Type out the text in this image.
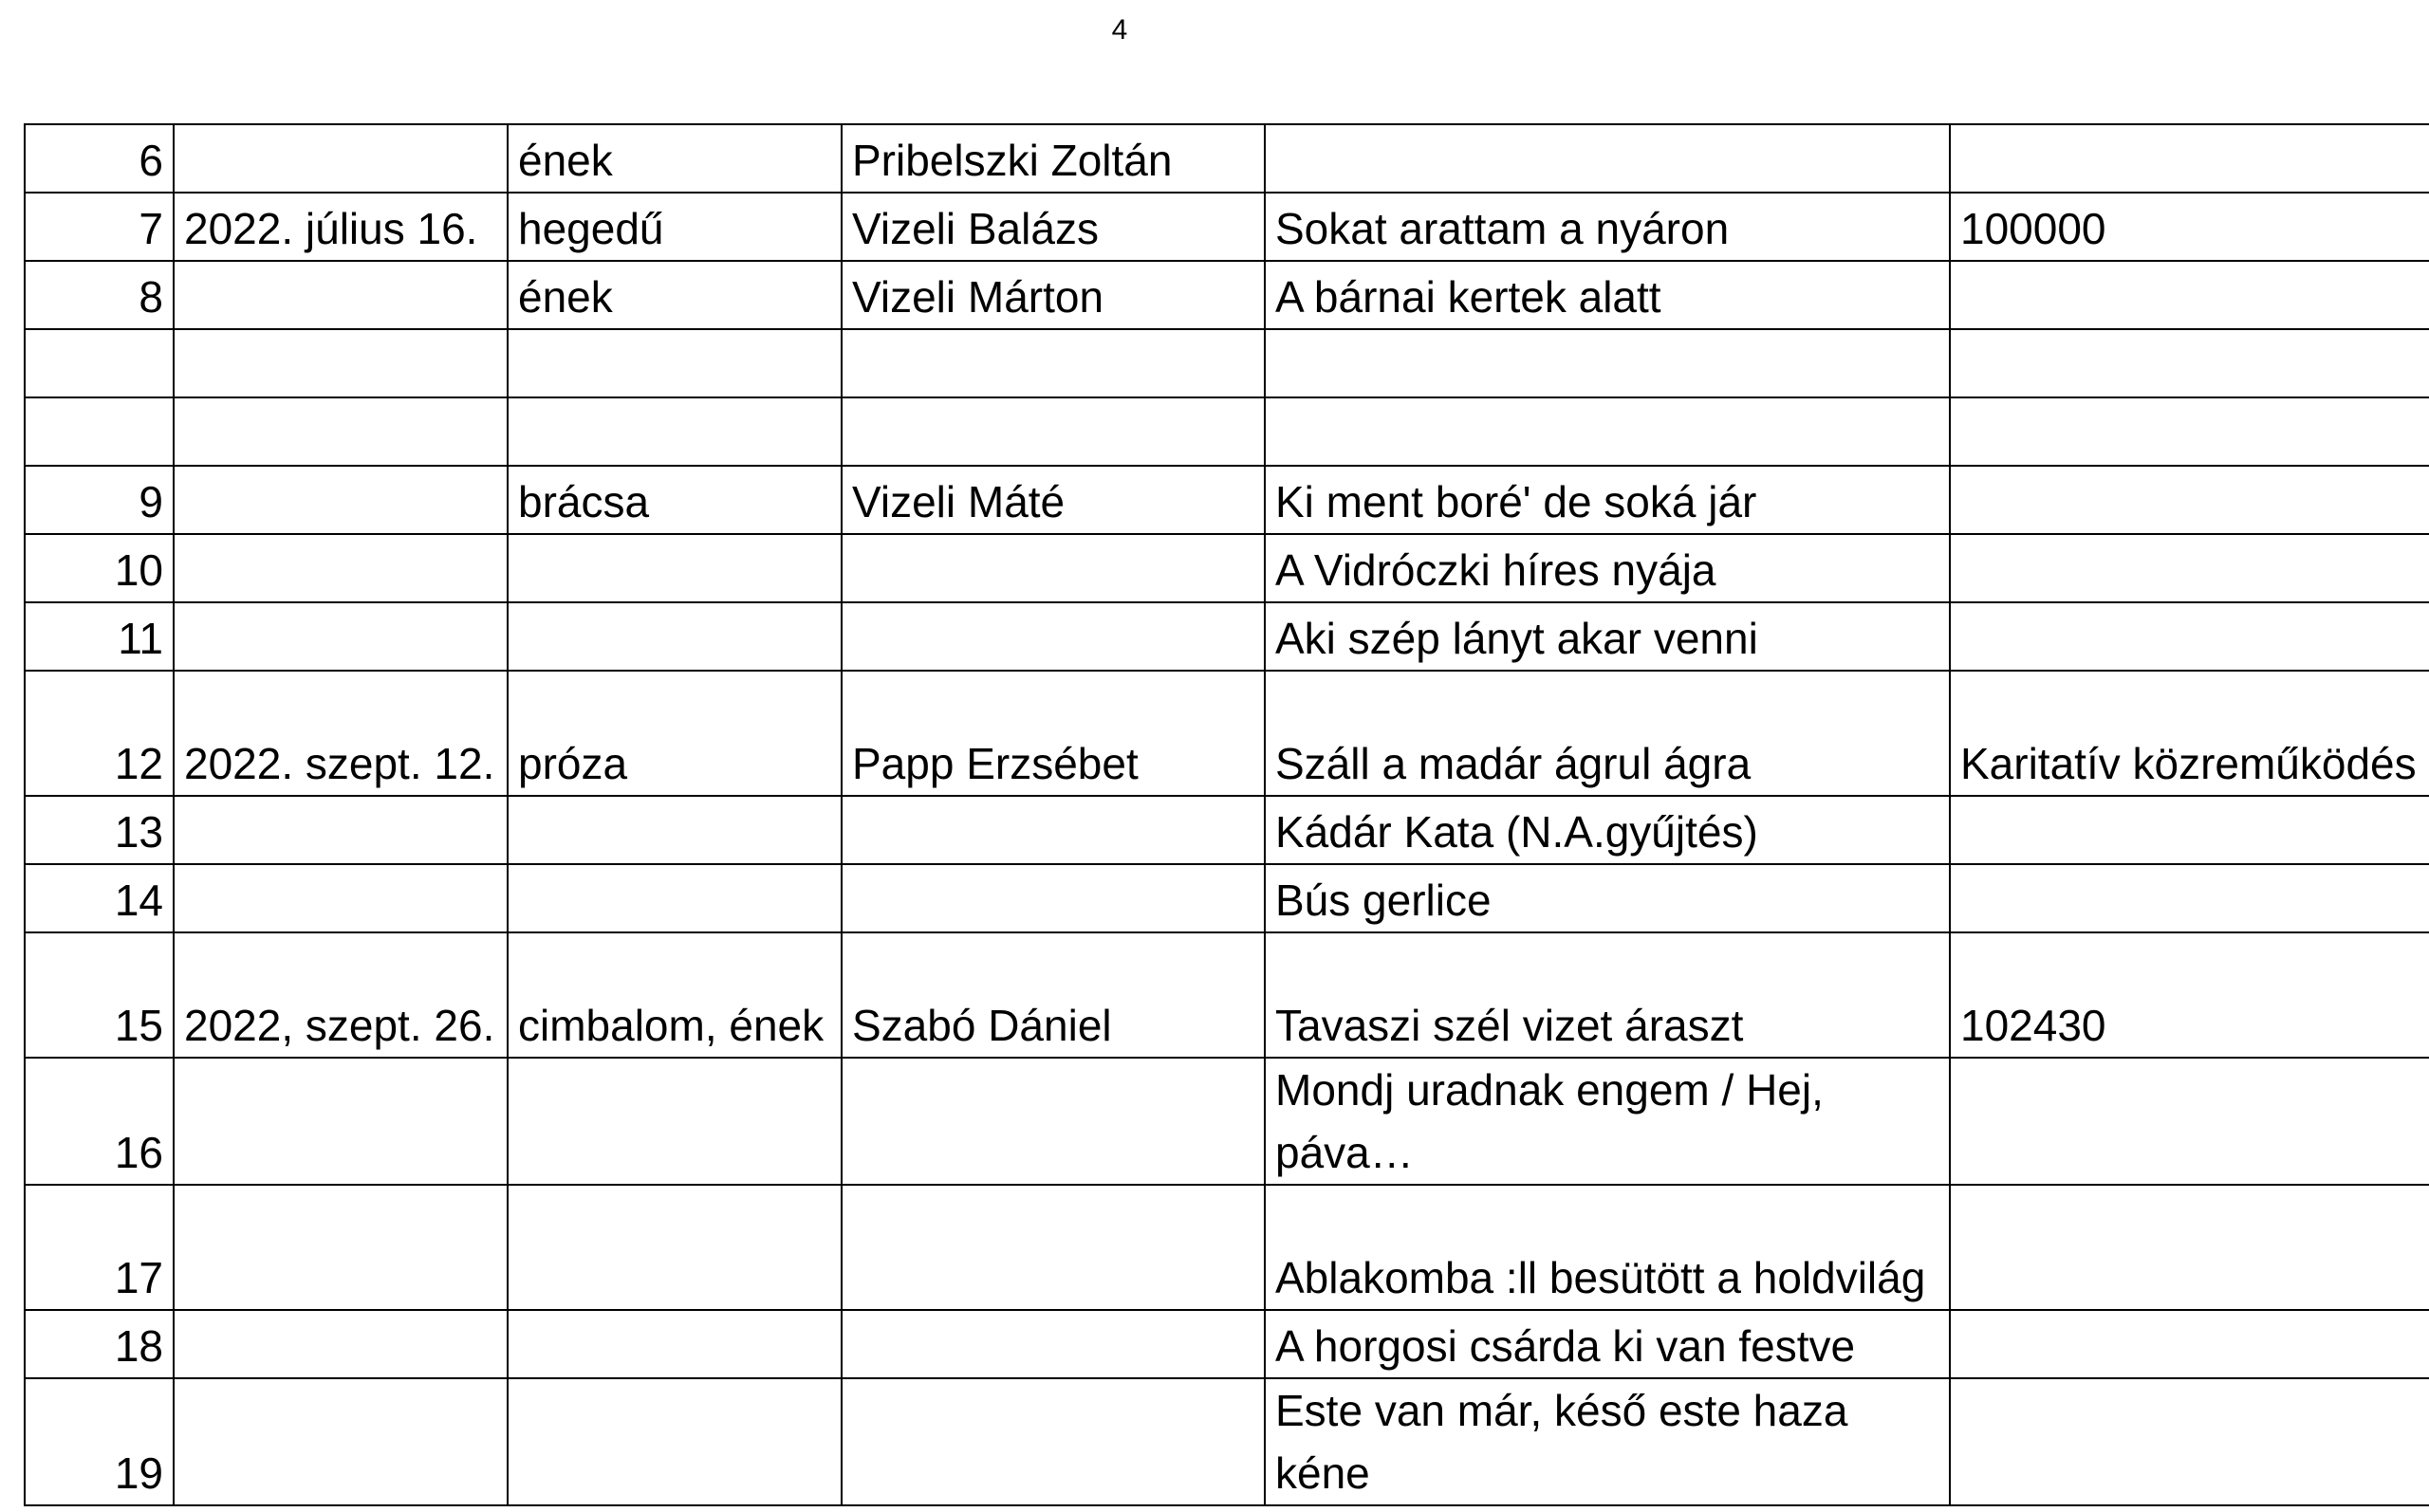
4
6		ének	Pribelszki Zoltán		
7	2022. július 16.	hegedű	Vizeli Balázs	Sokat arattam a nyáron	100000
8		ének	Vizeli Márton	A bárnai kertek alatt	

9		brácsa	Vizeli Máté	Ki ment boré' de soká jár	
10				A Vidróczki híres nyája	
11				Aki szép lányt akar venni	
12	2022. szept. 12.	próza	Papp Erzsébet	Száll a madár ágrul ágra	Karitatív közreműködés
13				Kádár Kata (N.A.gyűjtés)	
14				Bús gerlice	
15	2022, szept. 26.	cimbalom, ének	Szabó Dániel	Tavaszi szél vizet áraszt	102430
16				Mondj uradnak engem / Hej, páva…	
17				Ablakomba :ll besütött a holdvilág	
18				A horgosi csárda ki van festve	
19				Este van már, késő este haza kéne	
